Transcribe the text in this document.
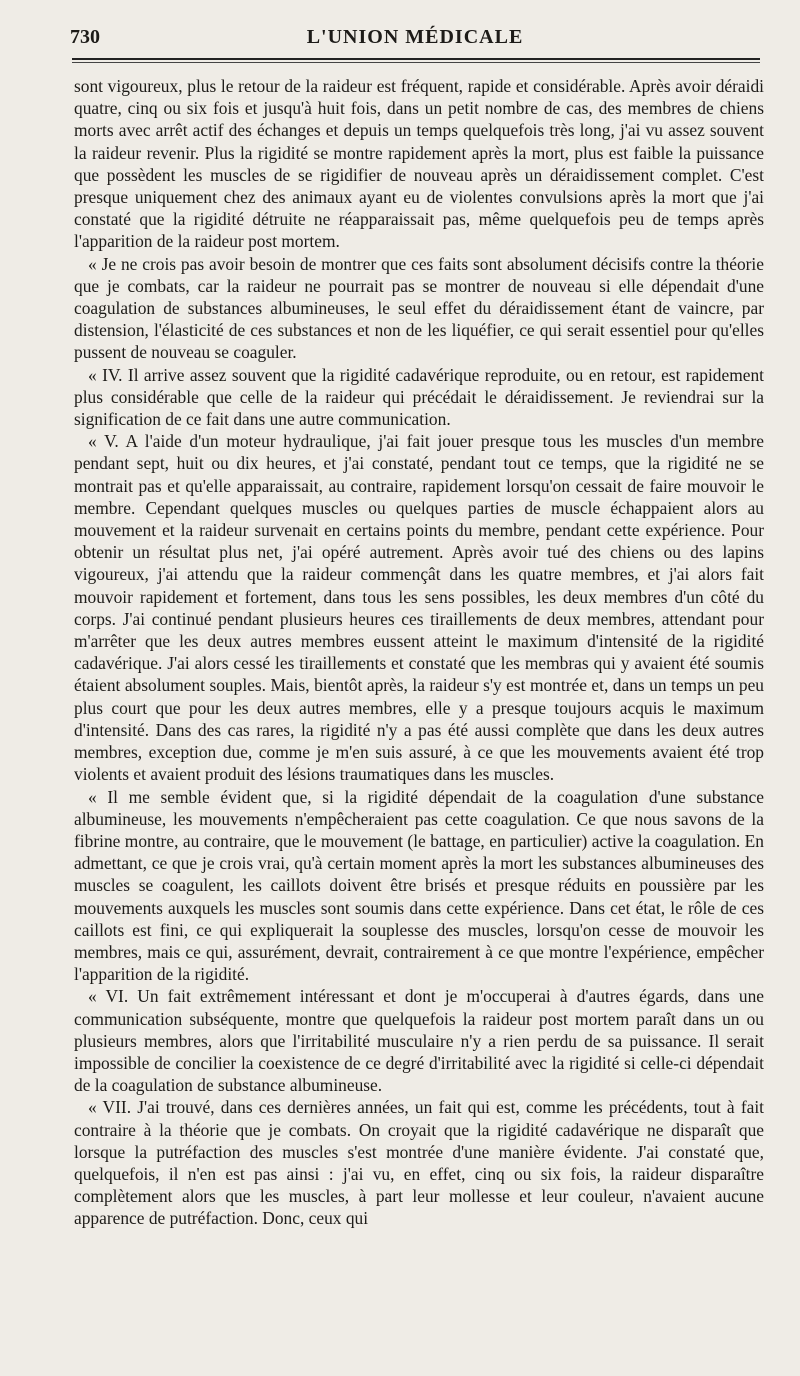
730	L'UNION MÉDICALE

sont vigoureux, plus le retour de la raideur est fréquent, rapide et considérable. Après avoir déraidi quatre, cinq ou six fois et jusqu'à huit fois, dans un petit nombre de cas, des membres de chiens morts avec arrêt actif des échanges et depuis un temps quelquefois très long, j'ai vu assez souvent la raideur revenir. Plus la rigidité se montre rapidement après la mort, plus est faible la puissance que possèdent les muscles de se rigidifier de nouveau après un déraidissement complet. C'est presque uniquement chez des animaux ayant eu de violentes convulsions après la mort que j'ai constaté que la rigidité détruite ne réapparaissait pas, même quelquefois peu de temps après l'apparition de la raideur post mortem.

« Je ne crois pas avoir besoin de montrer que ces faits sont absolument décisifs contre la théorie que je combats, car la raideur ne pourrait pas se montrer de nouveau si elle dépendait d'une coagulation de substances albumineuses, le seul effet du déraidissement étant de vaincre, par distension, l'élasticité de ces substances et non de les liquéfier, ce qui serait essentiel pour qu'elles pussent de nouveau se coaguler.

« IV. Il arrive assez souvent que la rigidité cadavérique reproduite, ou en retour, est rapidement plus considérable que celle de la raideur qui précédait le déraidissement. Je reviendrai sur la signification de ce fait dans une autre communication.

« V. A l'aide d'un moteur hydraulique, j'ai fait jouer presque tous les muscles d'un membre pendant sept, huit ou dix heures, et j'ai constaté, pendant tout ce temps, que la rigidité ne se montrait pas et qu'elle apparaissait, au contraire, rapidement lorsqu'on cessait de faire mouvoir le membre. Cependant quelques muscles ou quelques parties de muscle échappaient alors au mouvement et la raideur survenait en certains points du membre, pendant cette expérience. Pour obtenir un résultat plus net, j'ai opéré autrement. Après avoir tué des chiens ou des lapins vigoureux, j'ai attendu que la raideur commençât dans les quatre membres, et j'ai alors fait mouvoir rapidement et fortement, dans tous les sens possibles, les deux membres d'un côté du corps. J'ai continué pendant plusieurs heures ces tiraillements de deux membres, attendant pour m'arrêter que les deux autres membres eussent atteint le maximum d'intensité de la rigidité cadavérique. J'ai alors cessé les tiraillements et constaté que les membras qui y avaient été soumis étaient absolument souples. Mais, bientôt après, la raideur s'y est montrée et, dans un temps un peu plus court que pour les deux autres membres, elle y a presque toujours acquis le maximum d'intensité. Dans des cas rares, la rigidité n'y a pas été aussi complète que dans les deux autres membres, exception due, comme je m'en suis assuré, à ce que les mouvements avaient été trop violents et avaient produit des lésions traumatiques dans les muscles.

« Il me semble évident que, si la rigidité dépendait de la coagulation d'une substance albumineuse, les mouvements n'empêcheraient pas cette coagulation. Ce que nous savons de la fibrine montre, au contraire, que le mouvement (le battage, en particulier) active la coagulation. En admettant, ce que je crois vrai, qu'à certain moment après la mort les substances albumineuses des muscles se coagulent, les caillots doivent être brisés et presque réduits en poussière par les mouvements auxquels les muscles sont soumis dans cette expérience. Dans cet état, le rôle de ces caillots est fini, ce qui expliquerait la souplesse des muscles, lorsqu'on cesse de mouvoir les membres, mais ce qui, assurément, devrait, contrairement à ce que montre l'expérience, empêcher l'apparition de la rigidité.

« VI. Un fait extrêmement intéressant et dont je m'occuperai à d'autres égards, dans une communication subséquente, montre que quelquefois la raideur post mortem paraît dans un ou plusieurs membres, alors que l'irritabilité musculaire n'y a rien perdu de sa puissance. Il serait impossible de concilier la coexistence de ce degré d'irritabilité avec la rigidité si celle-ci dépendait de la coagulation de substance albumineuse.

« VII. J'ai trouvé, dans ces dernières années, un fait qui est, comme les précédents, tout à fait contraire à la théorie que je combats. On croyait que la rigidité cadavérique ne disparaît que lorsque la putréfaction des muscles s'est montrée d'une manière évidente. J'ai constaté que, quelquefois, il n'en est pas ainsi : j'ai vu, en effet, cinq ou six fois, la raideur disparaître complètement alors que les muscles, à part leur mollesse et leur couleur, n'avaient aucune apparence de putréfaction. Donc, ceux qui
